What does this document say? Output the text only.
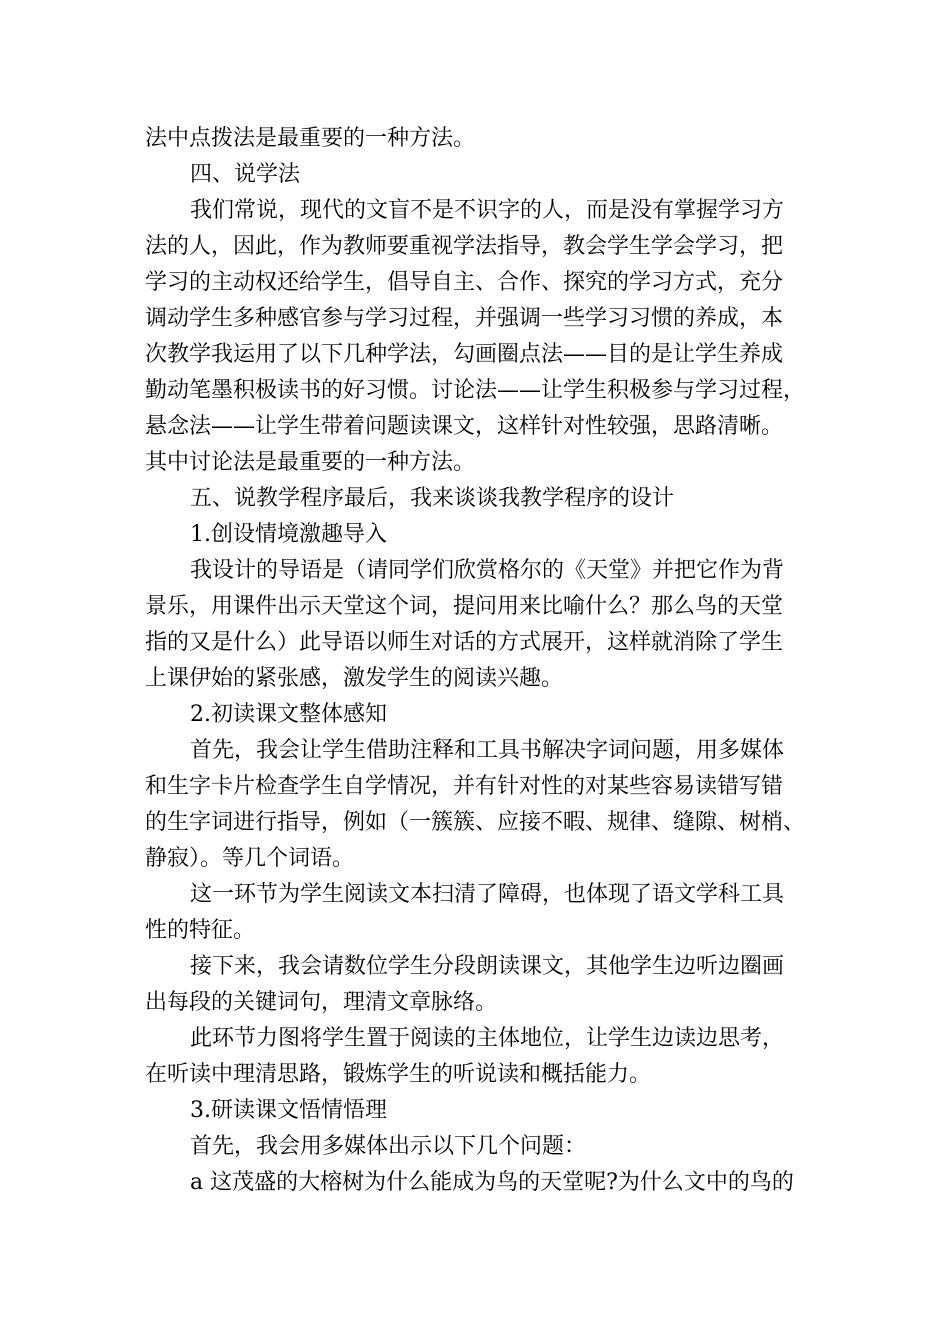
法中点拨法是最重要的一种方法。
四、说学法
我们常说，现代的文盲不是不识字的人，而是没有掌握学习方
法的人，因此，作为教师要重视学法指导，教会学生学会学习，把
学习的主动权还给学生，倡导自主、合作、探究的学习方式，充分
调动学生多种感官参与学习过程，并强调一些学习习惯的养成，本
次教学我运用了以下几种学法，勾画圈点法——目的是让学生养成
勤动笔墨积极读书的好习惯。讨论法——让学生积极参与学习过程，
悬念法——让学生带着问题读课文，这样针对性较强，思路清晰。
其中讨论法是最重要的一种方法。
五、说教学程序最后，我来谈谈我教学程序的设计
1.创设情境激趣导入
我设计的导语是（请同学们欣赏格尔的《天堂》并把它作为背
景乐，用课件出示天堂这个词，提问用来比喻什么？那么鸟的天堂
指的又是什么）此导语以师生对话的方式展开，这样就消除了学生
上课伊始的紧张感，激发学生的阅读兴趣。
2.初读课文整体感知
首先，我会让学生借助注释和工具书解决字词问题，用多媒体
和生字卡片检查学生自学情况，并有针对性的对某些容易读错写错
的生字词进行指导，例如（一簇簇、应接不暇、规律、缝隙、树梢、
静寂）。等几个词语。
这一环节为学生阅读文本扫清了障碍，也体现了语文学科工具
性的特征。
接下来，我会请数位学生分段朗读课文，其他学生边听边圈画
出每段的关键词句，理清文章脉络。
此环节力图将学生置于阅读的主体地位，让学生边读边思考，
在听读中理清思路，锻炼学生的听说读和概括能力。
3.研读课文悟情悟理
首先，我会用多媒体出示以下几个问题：
a 这茂盛的大榕树为什么能成为鸟的天堂呢?为什么文中的鸟的
